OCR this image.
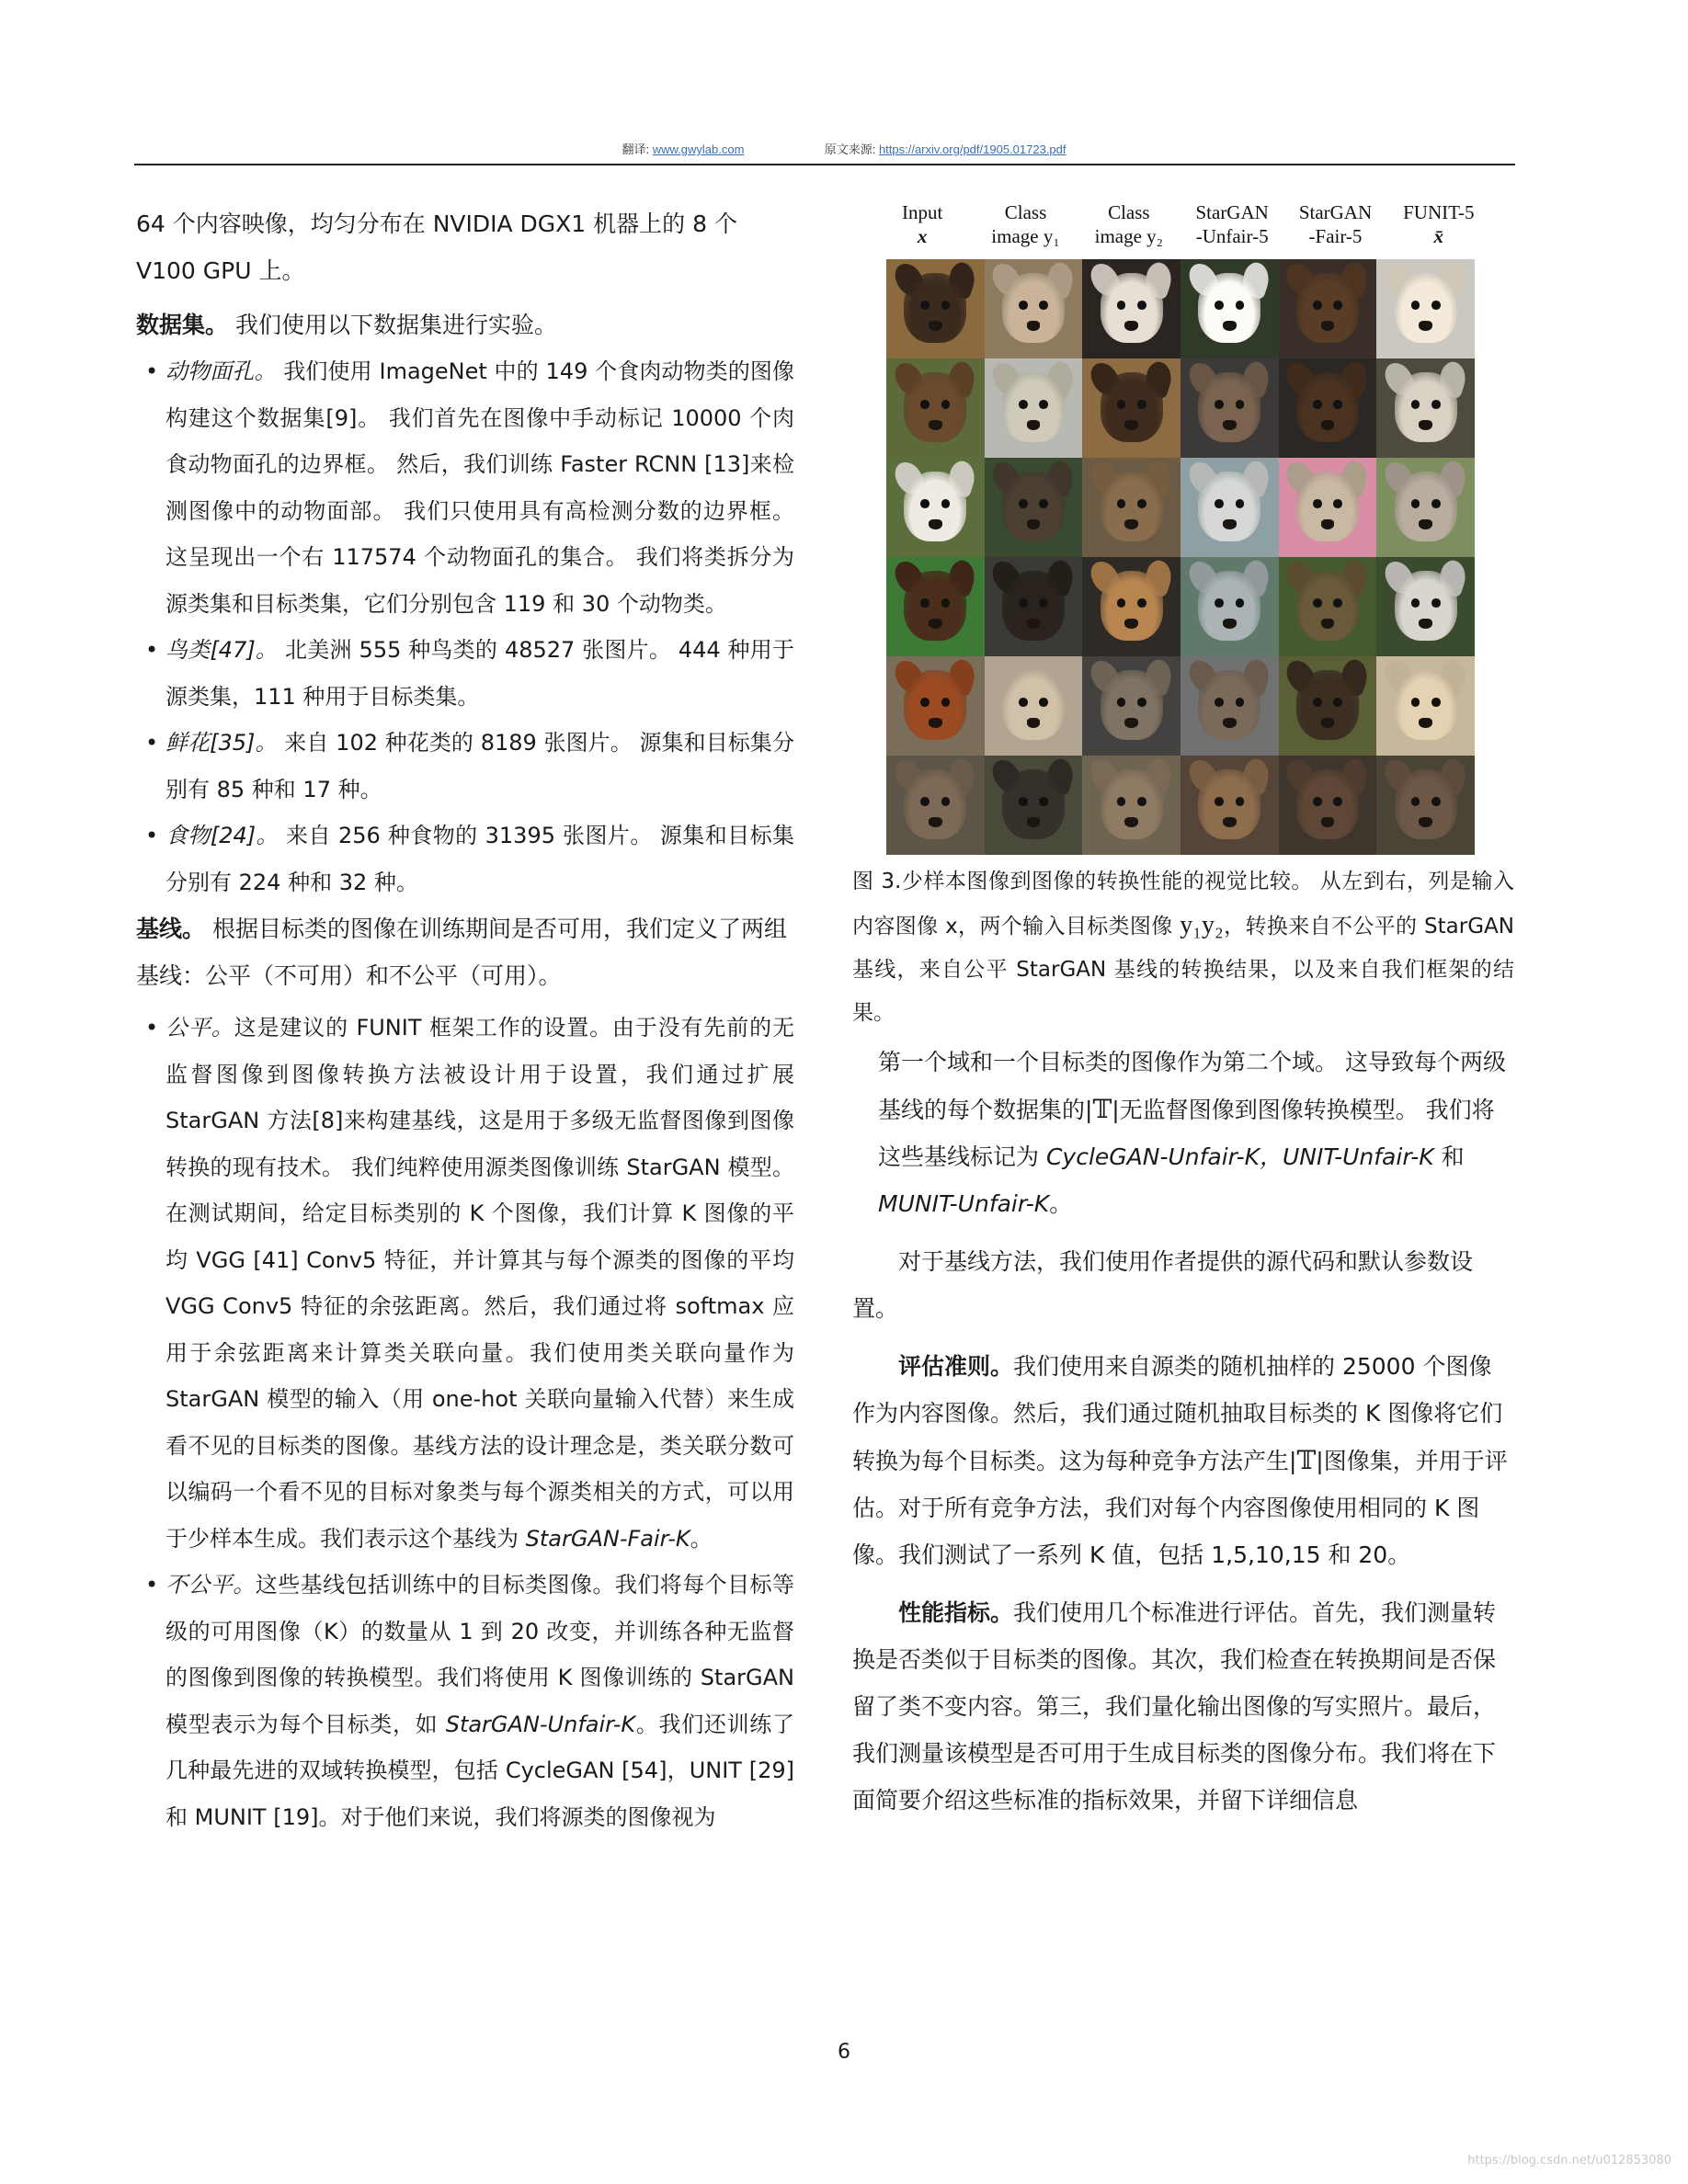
翻译: www.gwylab.com	原文来源: https://arxiv.org/pdf/1905.01723.pdf

64 个内容映像，均匀分布在 NVIDIA DGX1 机器上的 8 个 V100 GPU 上。

数据集。 我们使用以下数据集进行实验。

• 动物面孔。 我们使用 ImageNet 中的 149 个食肉动物类的图像构建这个数据集[9]。 我们首先在图像中手动标记 10000 个肉食动物面孔的边界框。 然后，我们训练 Faster RCNN [13]来检测图像中的动物面部。 我们只使用具有高检测分数的边界框。 这呈现出一个右 117574 个动物面孔的集合。 我们将类拆分为源类集和目标类集，它们分别包含 119 和 30 个动物类。
• 鸟类[47]。 北美洲 555 种鸟类的 48527 张图片。 444 种用于源类集，111 种用于目标类集。
• 鲜花[35]。 来自 102 种花类的 8189 张图片。 源集和目标集分别有 85 种和 17 种。
• 食物[24]。 来自 256 种食物的 31395 张图片。 源集和目标集分别有 224 种和 32 种。

基线。 根据目标类的图像在训练期间是否可用，我们定义了两组基线：公平（不可用）和不公平（可用）。

• 公平。这是建议的 FUNIT 框架工作的设置。由于没有先前的无监督图像到图像转换方法被设计用于设置，我们通过扩展 StarGAN 方法[8]来构建基线，这是用于多级无监督图像到图像转换的现有技术。 我们纯粹使用源类图像训练 StarGAN 模型。在测试期间，给定目标类别的 K 个图像，我们计算 K 图像的平均 VGG [41] Conv5 特征，并计算其与每个源类的图像的平均 VGG Conv5 特征的余弦距离。然后，我们通过将 softmax 应用于余弦距离来计算类关联向量。我们使用类关联向量作为 StarGAN 模型的输入（用 one-hot 关联向量输入代替）来生成看不见的目标类的图像。基线方法的设计理念是，类关联分数可以编码一个看不见的目标对象类与每个源类相关的方式，可以用于少样本生成。我们表示这个基线为 StarGAN-Fair-K。
• 不公平。这些基线包括训练中的目标类图像。我们将每个目标等级的可用图像（K）的数量从 1 到 20 改变，并训练各种无监督的图像到图像的转换模型。我们将使用 K 图像训练的 StarGAN 模型表示为每个目标类，如 StarGAN-Unfair-K。我们还训练了几种最先进的双域转换模型，包括 CycleGAN [54]，UNIT [29]和 MUNIT [19]。对于他们来说，我们将源类的图像视为
Input
x
Class
image y₁
Class
image y₂
StarGAN
-Unfair-5
StarGAN
-Fair-5
FUNIT-5
x̄

图 3.少样本图像到图像的转换性能的视觉比较。 从左到右，列是输入内容图像 x，两个输入目标类图像 y₁y₂，转换来自不公平的 StarGAN 基线，来自公平 StarGAN 基线的转换结果，以及来自我们框架的结果。

第一个域和一个目标类的图像作为第二个域。 这导致每个两级基线的每个数据集的|𝕋|无监督图像到图像转换模型。 我们将这些基线标记为 CycleGAN-Unfair-K，UNIT-Unfair-K 和 MUNIT-Unfair-K。

对于基线方法，我们使用作者提供的源代码和默认参数设置。

评估准则。我们使用来自源类的随机抽样的 25000 个图像作为内容图像。然后，我们通过随机抽取目标类的 K 图像将它们转换为每个目标类。这为每种竞争方法产生|𝕋|图像集，并用于评估。对于所有竞争方法，我们对每个内容图像使用相同的 K 图像。我们测试了一系列 K 值，包括 1,5,10,15 和 20。

性能指标。我们使用几个标准进行评估。首先，我们测量转换是否类似于目标类的图像。其次，我们检查在转换期间是否保留了类不变内容。第三，我们量化输出图像的写实照片。最后，我们测量该模型是否可用于生成目标类的图像分布。我们将在下面简要介绍这些标准的指标效果，并留下详细信息

6
https://blog.csdn.net/u012853080
